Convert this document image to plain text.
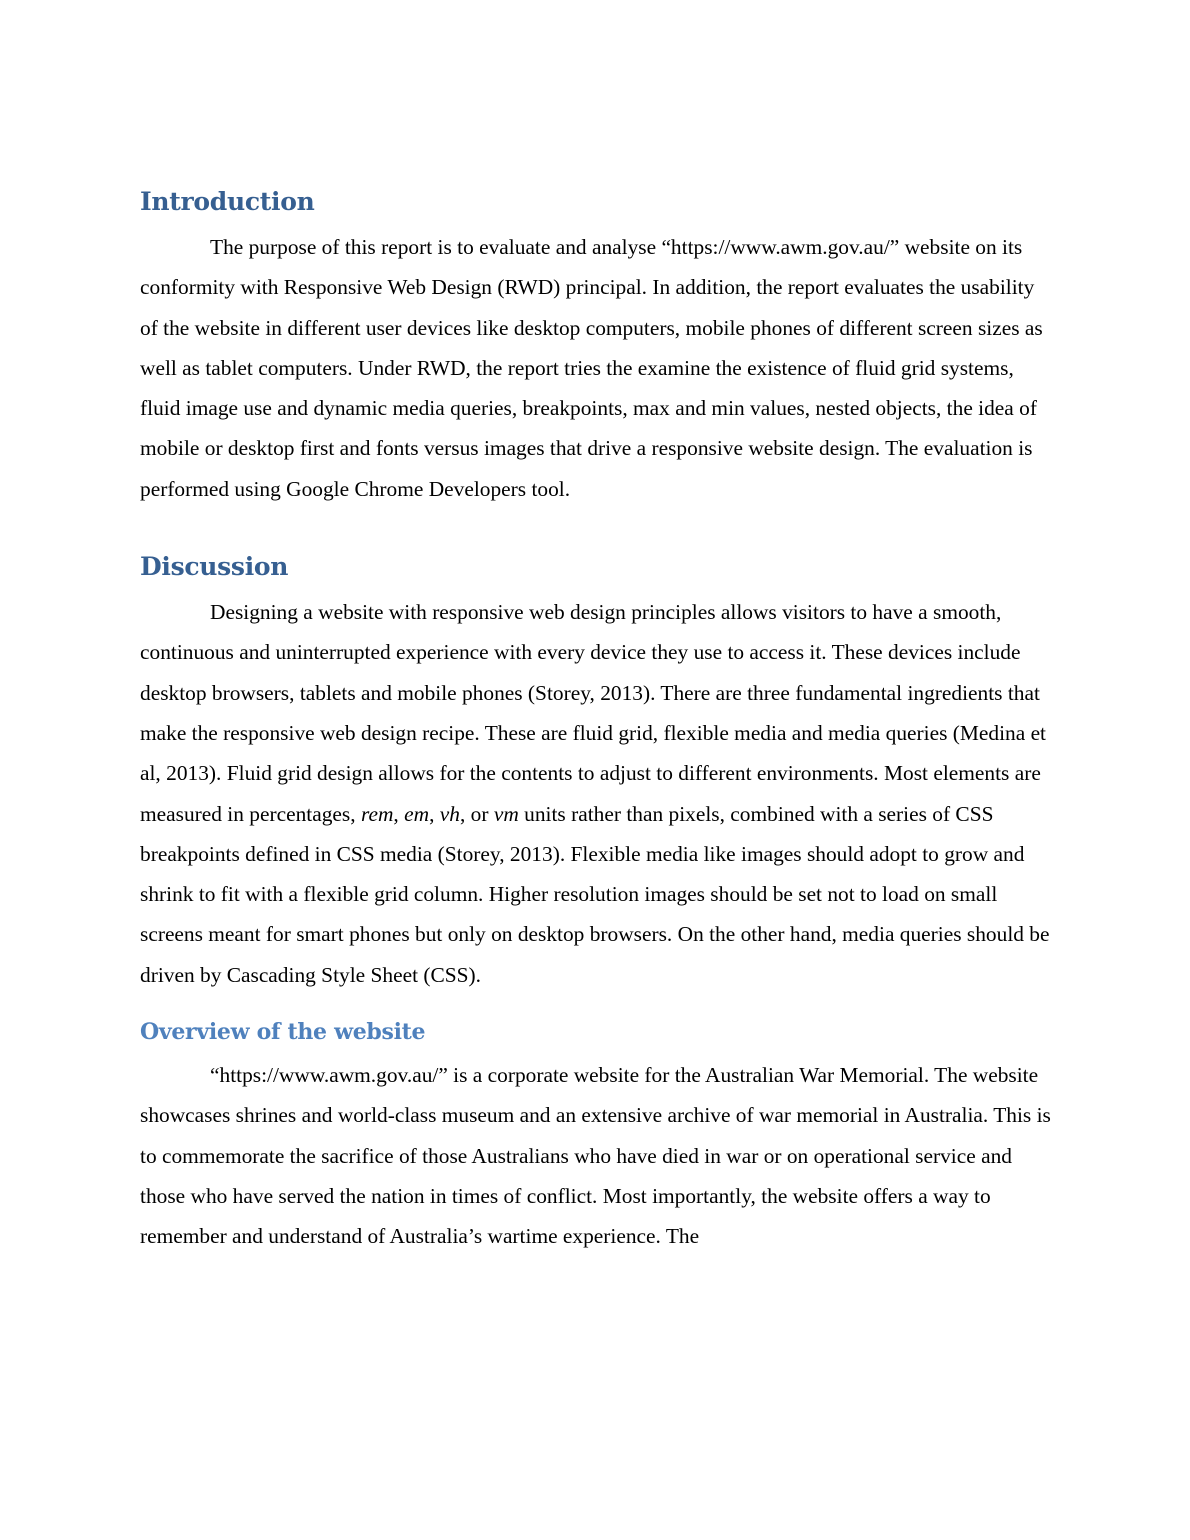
Introduction

The purpose of this report is to evaluate and analyse “https://www.awm.gov.au/” website on its conformity with Responsive Web Design (RWD) principal. In addition, the report evaluates the usability of the website in different user devices like desktop computers, mobile phones of different screen sizes as well as tablet computers. Under RWD, the report tries the examine the existence of fluid grid systems, fluid image use and dynamic media queries, breakpoints, max and min values, nested objects, the idea of mobile or desktop first and fonts versus images that drive a responsive website design. The evaluation is performed using Google Chrome Developers tool.

Discussion

Designing a website with responsive web design principles allows visitors to have a smooth, continuous and uninterrupted experience with every device they use to access it. These devices include desktop browsers, tablets and mobile phones (Storey, 2013). There are three fundamental ingredients that make the responsive web design recipe. These are fluid grid, flexible media and media queries (Medina et al, 2013). Fluid grid design allows for the contents to adjust to different environments. Most elements are measured in percentages, rem, em, vh, or vm units rather than pixels, combined with a series of CSS breakpoints defined in CSS media (Storey, 2013). Flexible media like images should adopt to grow and shrink to fit with a flexible grid column. Higher resolution images should be set not to load on small screens meant for smart phones but only on desktop browsers. On the other hand, media queries should be driven by Cascading Style Sheet (CSS).

Overview of the website

“https://www.awm.gov.au/” is a corporate website for the Australian War Memorial. The website showcases shrines and world-class museum and an extensive archive of war memorial in Australia. This is to commemorate the sacrifice of those Australians who have died in war or on operational service and those who have served the nation in times of conflict. Most importantly, the website offers a way to remember and understand of Australia’s wartime experience. The
